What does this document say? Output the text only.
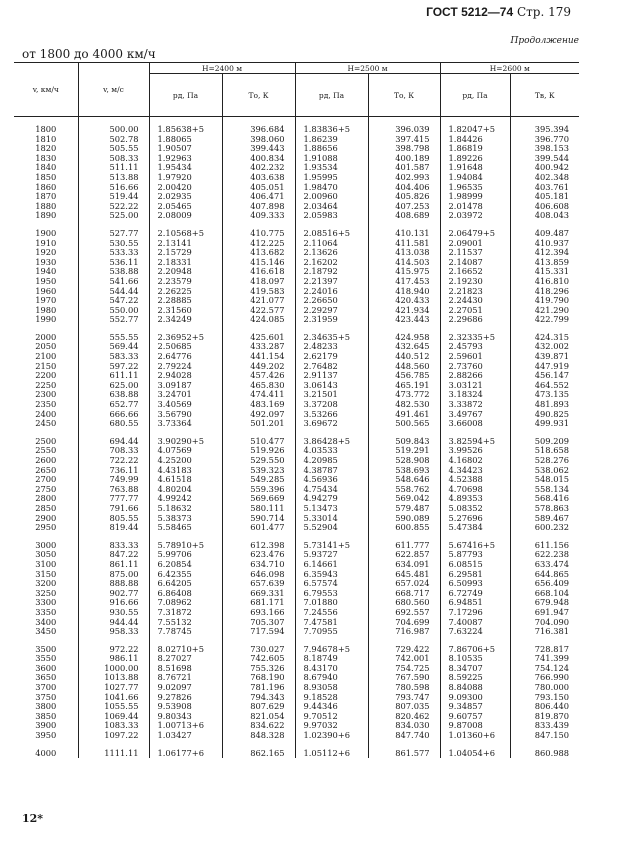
ГОСТ 5212—74 Стр. 179
Продолжение
от 1800 до 4000 км/ч
v, км/ч	v, м/с	H=2400 м		H=2500 м		H=2600 м	
		pд, Па	Tо, К	pд, Па	Tо, К	pд, Па	Tв, К

1800	500.00	1.85638+5	396.684	1.83836+5	396.039	1.82047+5	395.394
1810	502.78	1.88065	398.060	1.86239	397.415	1.84426	396.770
1820	505.55	1.90507	399.443	1.88656	398.798	1.86819	398.153
1830	508.33	1.92963	400.834	1.91088	400.189	1.89226	399.544
1840	511.11	1.95434	402.232	1.93534	401.587	1.91648	400.942
1850	513.88	1.97920	403.638	1.95995	402.993	1.94084	402.348
1860	516.66	2.00420	405.051	1.98470	404.406	1.96535	403.761
1870	519.44	2.02935	406.471	2.00960	405.826	1.98999	405.181
1880	522.22	2.05465	407.898	2.03464	407.253	2.01478	406.608
1890	525.00	2.08009	409.333	2.05983	408.689	2.03972	408.043

1900	527.77	2.10568+5	410.775	2.08516+5	410.131	2.06479+5	409.487
1910	530.55	2.13141	412.225	2.11064	411.581	2.09001	410.937
1920	533.33	2.15729	413.682	2.13626	413.038	2.11537	412.394
1930	536.11	2.18331	415.146	2.16202	414.503	2.14087	413.859
1940	538.88	2.20948	416.618	2.18792	415.975	2.16652	415.331
1950	541.66	2.23579	418.097	2.21397	417.453	2.19230	416.810
1960	544.44	2.26225	419.583	2.24016	418.940	2.21823	418.296
1970	547.22	2.28885	421.077	2.26650	420.433	2.24430	419.790
1980	550.00	2.31560	422.577	2.29297	421.934	2.27051	421.290
1990	552.77	2.34249	424.085	2.31959	423.443	2.29686	422.799

2000	555.55	2.36952+5	425.601	2.34635+5	424.958	2.32335+5	424.315
2050	569.44	2.50685	433.287	2.48233	432.645	2.45793	432.002
2100	583.33	2.64776	441.154	2.62179	440.512	2.59601	439.871
2150	597.22	2.79224	449.202	2.76482	448.560	2.73760	447.919
2200	611.11	2.94028	457.426	2.91137	456.785	2.88266	456.147
2250	625.00	3.09187	465.830	3.06143	465.191	3.03121	464.552
2300	638.88	3.24701	474.411	3.21501	473.772	3.18324	473.135
2350	652.77	3.40569	483.169	3.37208	482.530	3.33872	481.893
2400	666.66	3.56790	492.097	3.53266	491.461	3.49767	490.825
2450	680.55	3.73364	501.201	3.69672	500.565	3.66008	499.931

2500	694.44	3.90290+5	510.477	3.86428+5	509.843	3.82594+5	509.209
2550	708.33	4.07569	519.926	4.03533	519.291	3.99526	518.658
2600	722.22	4.25200	529.550	4.20985	528.908	4.16802	528.276
2650	736.11	4.43183	539.323	4.38787	538.693	4.34423	538.062
2700	749.99	4.61518	549.285	4.56936	548.646	4.52388	548.015
2750	763.88	4.80204	559.396	4.75434	558.762	4.70698	558.134
2800	777.77	4.99242	569.669	4.94279	569.042	4.89353	568.416
2850	791.66	5.18632	580.111	5.13473	579.487	5.08352	578.863
2900	805.55	5.38373	590.714	5.33014	590.089	5.27696	589.467
2950	819.44	5.58465	601.477	5.52904	600.855	5.47384	600.232

3000	833.33	5.78910+5	612.398	5.73141+5	611.777	5.67416+5	611.156
3050	847.22	5.99706	623.476	5.93727	622.857	5.87793	622.238
3100	861.11	6.20854	634.710	6.14661	634.091	6.08515	633.474
3150	875.00	6.42355	646.098	6.35943	645.481	6.29581	644.865
3200	888.88	6.64205	657.639	6.57574	657.024	6.50993	656.409
3250	902.77	6.86408	669.331	6.79553	668.717	6.72749	668.104
3300	916.66	7.08962	681.171	7.01880	680.560	6.94851	679.948
3350	930.55	7.31872	693.166	7.24556	692.557	7.17296	691.947
3400	944.44	7.55132	705.307	7.47581	704.699	7.40087	704.090
3450	958.33	7.78745	717.594	7.70955	716.987	7.63224	716.381

3500	972.22	8.02710+5	730.027	7.94678+5	729.422	7.86706+5	728.817
3550	986.11	8.27027	742.605	8.18749	742.001	8.10535	741.399
3600	1000.00	8.51698	755.326	8.43170	754.725	8.34707	754.124
3650	1013.88	8.76721	768.190	8.67940	767.590	8.59225	766.990
3700	1027.77	9.02097	781.196	8.93058	780.598	8.84088	780.000
3750	1041.66	9.27826	794.343	9.18528	793.747	9.09300	793.150
3800	1055.55	9.53908	807.629	9.44346	807.035	9.34857	806.440
3850	1069.44	9.80343	821.054	9.70512	820.462	9.60757	819.870
3900	1083.33	1.00713+6	834.622	9.97032	834.030	9.87008	833.439
3950	1097.22	1.03427	848.328	1.02390+6	847.740	1.01360+6	847.150

4000	1111.11	1.06177+6	862.165	1.05112+6	861.577	1.04054+6	860.988
12*
